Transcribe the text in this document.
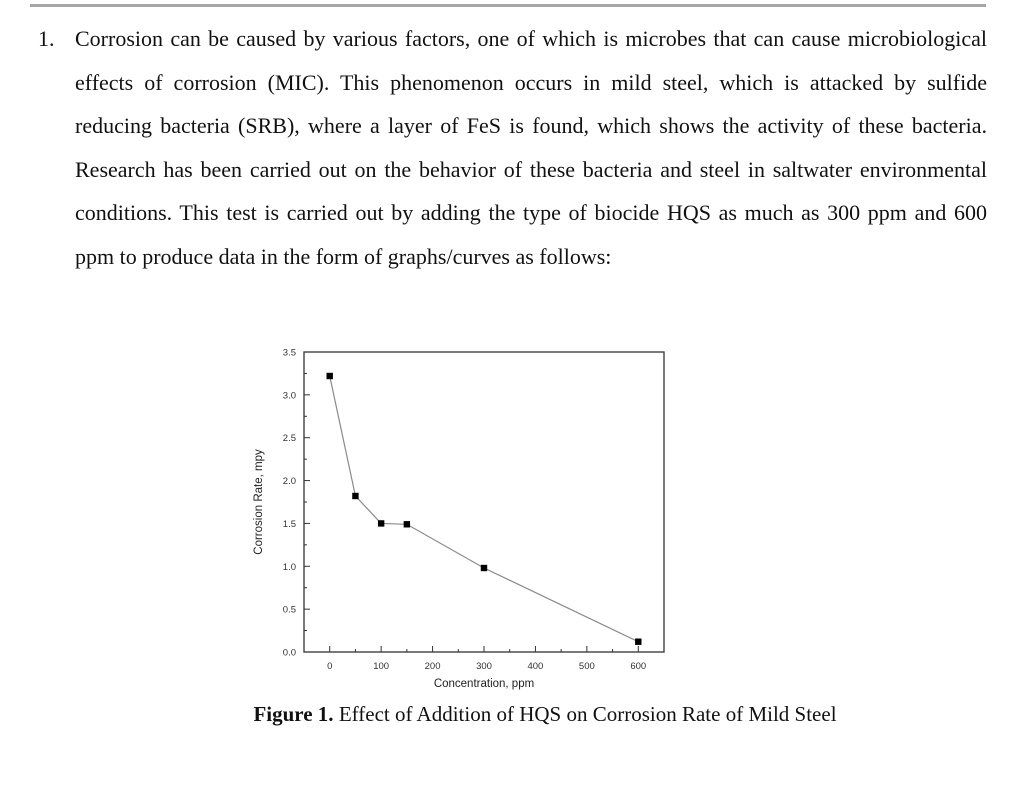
1. Corrosion can be caused by various factors, one of which is microbes that can cause microbiological effects of corrosion (MIC). This phenomenon occurs in mild steel, which is attacked by sulfide reducing bacteria (SRB), where a layer of FeS is found, which shows the activity of these bacteria. Research has been carried out on the behavior of these bacteria and steel in saltwater environmental conditions. This test is carried out by adding the type of biocide HQS as much as 300 ppm and 600 ppm to produce data in the form of graphs/curves as follows:

0.0
0.5
1.0
1.5
2.0
2.5
3.0
3.5
0	100	200	300	400	500	600
Concentration, ppm
Corrosion Rate, mpy
Figure 1. Effect of Addition of HQS on Corrosion Rate of Mild Steel
